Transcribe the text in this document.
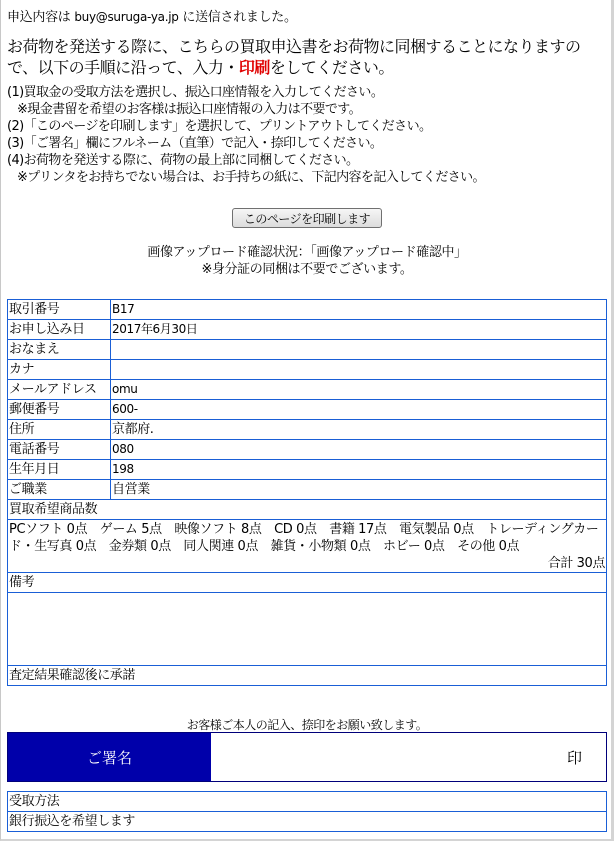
申込内容は buy@suruga-ya.jp に送信されました。
お荷物を発送する際に、こちらの買取申込書をお荷物に同梱することになりますので、以下の手順に沿って、入力・印刷をしてください。
(1)買取金の受取方法を選択し、振込口座情報を入力してください。
※現金書留を希望のお客様は振込口座情報の入力は不要です。
(2)「このページを印刷します」を選択して、プリントアウトしてください。
(3)「ご署名」欄にフルネーム（直筆）で記入・捺印してください。
(4)お荷物を発送する際に、荷物の最上部に同梱してください。
※プリンタをお持ちでない場合は、お手持ちの紙に、下記内容を記入してください。
このページを印刷します
画像アップロード確認状況：「画像アップロード確認中」
※身分証の同梱は不要でございます。
取引番号	B17
お申し込み日	2017年6月30日
おなまえ	
カナ	
メールアドレス	omu
郵便番号	600-
住所	京都府.
電話番号	080
生年月日	198
ご職業	自営業
買取希望商品数	

PCソフト 0点　ゲーム 5点　映像ソフト 8点　CD 0点　書籍 17点　電気製品 0点　トレーディングカード・生写真 0点　金券類 0点　同人関連 0点　雑貨・小物類 0点　ホビー 0点　その他 0点
合計 30点	

備考	

査定結果確認後に承諾	
お客様ご本人の記入、捺印をお願い致します。
ご署名	印
受取方法
銀行振込を希望します
